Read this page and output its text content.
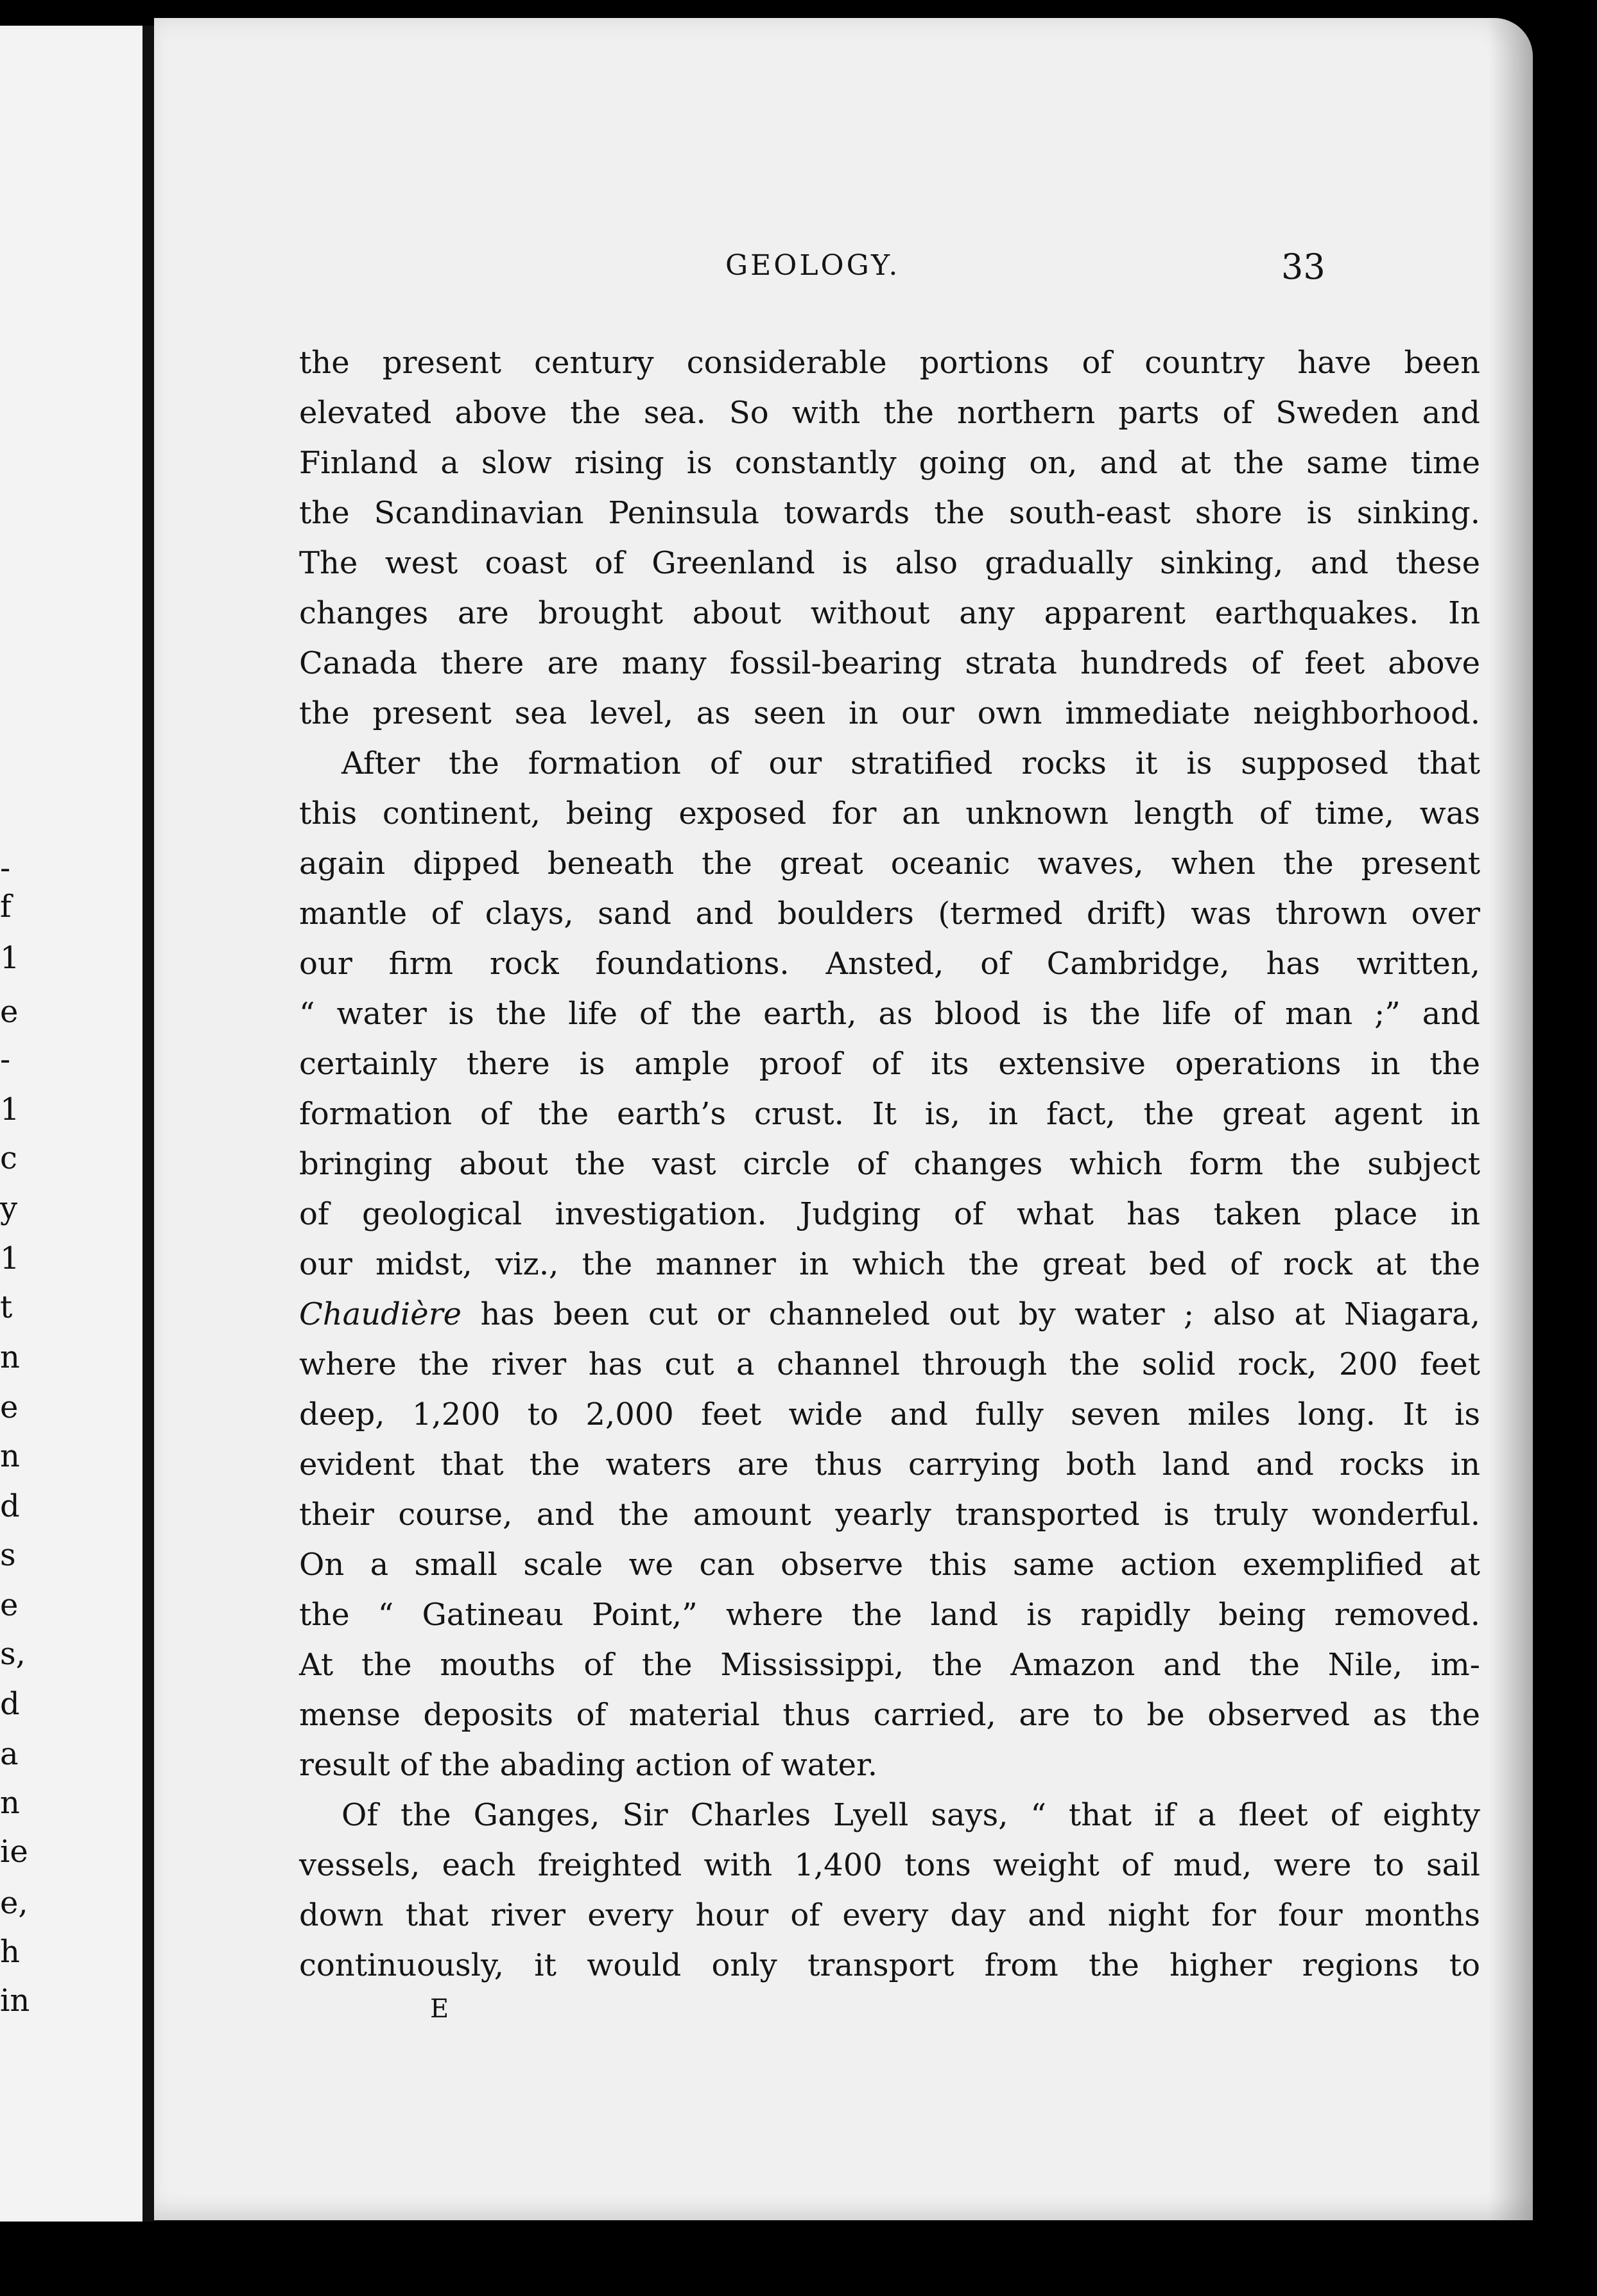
-
f
1
e
-
1
c
y
1
t
n
e
n
d
s
e
s,
d
a
n
ie
e,
h
in
GEOLOGY.	33

the present century considerable portions of country have been
elevated above the sea. So with the northern parts of Sweden and
Finland a slow rising is constantly going on, and at the same time
the Scandinavian Peninsula towards the south-east shore is sinking.
The west coast of Greenland is also gradually sinking, and these
changes are brought about without any apparent earthquakes. In
Canada there are many fossil-bearing strata hundreds of feet above
the present sea level, as seen in our own immediate neighborhood.

After the formation of our stratified rocks it is supposed that
this continent, being exposed for an unknown length of time, was
again dipped beneath the great oceanic waves, when the present
mantle of clays, sand and boulders (termed drift) was thrown over
our firm rock foundations. Ansted, of Cambridge, has written,
“ water is the life of the earth, as blood is the life of man ;” and
certainly there is ample proof of its extensive operations in the
formation of the earth’s crust. It is, in fact, the great agent in
bringing about the vast circle of changes which form the subject
of geological investigation. Judging of what has taken place in
our midst, viz., the manner in which the great bed of rock at the
Chaudière has been cut or channeled out by water ; also at Niagara,
where the river has cut a channel through the solid rock, 200 feet
deep, 1,200 to 2,000 feet wide and fully seven miles long. It is
evident that the waters are thus carrying both land and rocks in
their course, and the amount yearly transported is truly wonderful.
On a small scale we can observe this same action exemplified at
the “ Gatineau Point,” where the land is rapidly being removed.
At the mouths of the Mississippi, the Amazon and the Nile, im-
mense deposits of material thus carried, are to be observed as the
result of the abading action of water.

Of the Ganges, Sir Charles Lyell says, “ that if a fleet of eighty
vessels, each freighted with 1,400 tons weight of mud, were to sail
down that river every hour of every day and night for four months
continuously, it would only transport from the higher regions to

E
